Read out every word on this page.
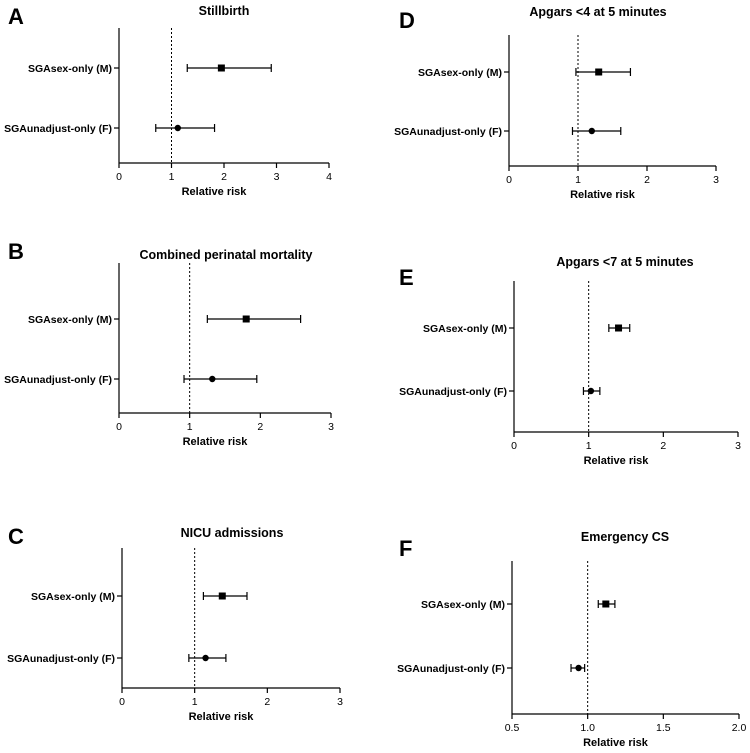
A	Stillbirth
0	1	2	3	4
Relative risk
SGAsex-only (M)
SGAunadjust-only (F)
B	Combined perinatal mortality
0	1	2	3
Relative risk
SGAsex-only (M)
SGAunadjust-only (F)
C	NICU admissions
0	1	2	3
Relative risk
SGAsex-only (M)
SGAunadjust-only (F)
D	Apgars <4 at 5 minutes
0	1	2	3
Relative risk
SGAsex-only (M)
SGAunadjust-only (F)
E
Apgars <7 at 5 minutes
0	1	2	3
Relative risk
SGAsex-only (M)
SGAunadjust-only (F)
F	Emergency CS
0.5	1.0	1.5	2.0
Relative risk
SGAsex-only (M)
SGAunadjust-only (F)
